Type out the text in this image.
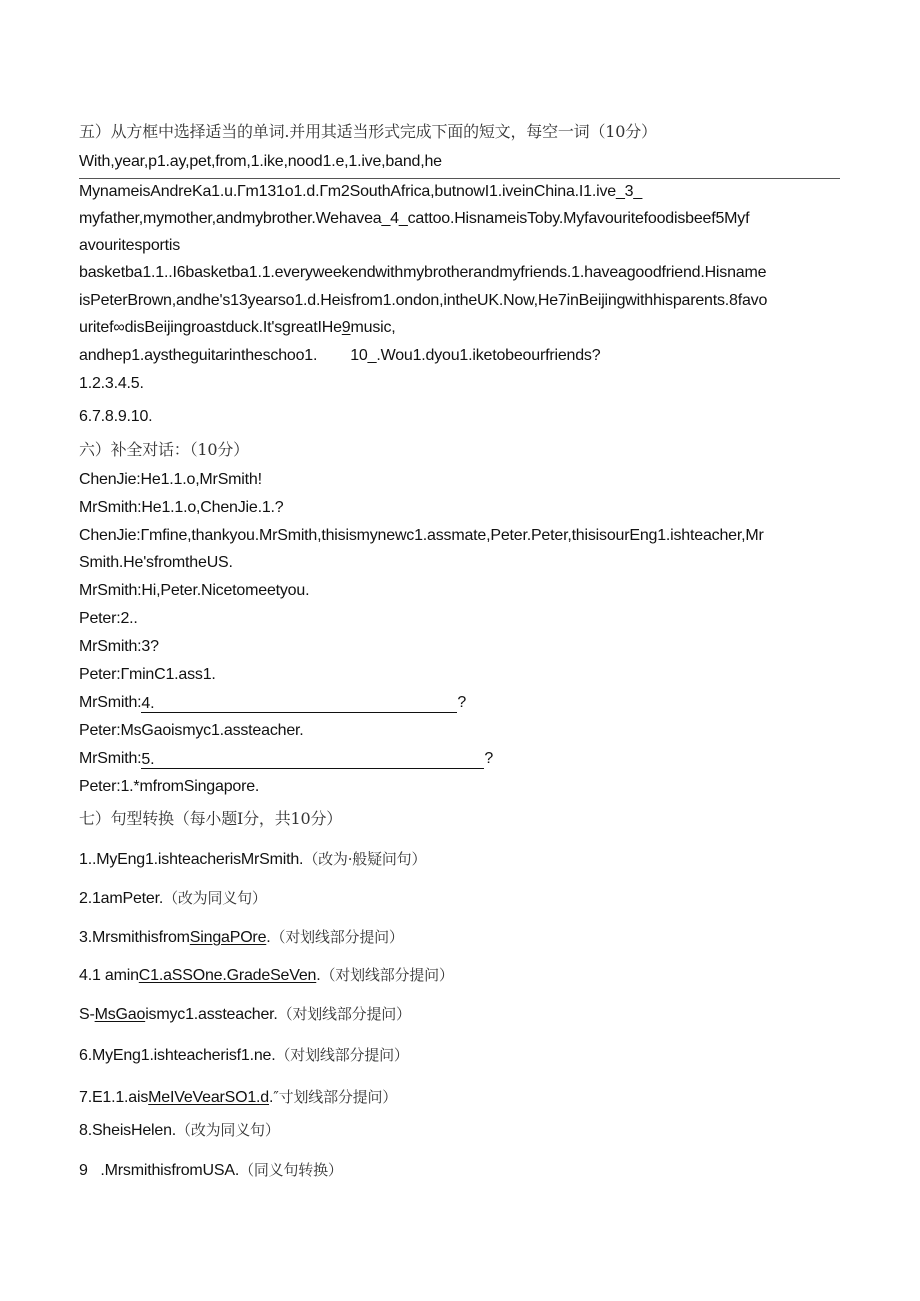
五）从方框中选择适当的单词.并用其适当形式完成下面的短文，每空一词（10分）
With,year,p1.ay,pet,from,1.ike,nood1.e,1.ive,band,he
MynameisAndreKa1.u.Гm131o1.d.Гm2SouthAfrica,butnowI1.iveinChina.I1.ive_3_
myfather,mymother,andmybrother.Wehavea_4_cattoo.HisnameisToby.Myfavouritefoodisbeef5Myf
avouritesportis
basketba1.1..I6basketba1.1.everyweekendwithmybrotherandmyfriends.1.haveagoodfriend.Hisname
isPeterBrown,andhe's13yearso1.d.Heisfrom1.ondon,intheUK.Now,He7inBeijingwithhisparents.8favo
uritef∞disBeijingroastduck.It'sgreatIHe9music,
andhep1.aystheguitarintheschoo1. 10_.Wou1.dyou1.iketobeourfriends?
1.2.3.4.5.
6.7.8.9.10.
六）补全对话：（10分）
ChenJie:He1.1.o,MrSmith!
MrSmith:He1.1.o,ChenJie.1.?
ChenJie:Гmfine,thankyou.MrSmith,thisismynewc1.assmate,Peter.Peter,thisisourEng1.ishteacher,Mr
Smith.He'sfromtheUS.
MrSmith:Hi,Peter.Nicetomeetyou.
Peter:2..
MrSmith:3?
Peter:ГminC1.ass1.
MrSmith:4.	?
Peter:MsGaoismyc1.assteacher.
MrSmith:5.	?
Peter:1.*mfromSingapore.
七）句型转换（每小题I分，共10分）
1..MyEng1.ishteacherisMrSmith.（改为·般疑问句）
2.1amPeter.（改为同义句）
3.MrsmithisfromSingaPOre.（对划线部分提问）
4.1 aminC1.aSSOne.GradeSeVen.（对划线部分提问）
S-MsGaoismyc1.assteacher.（对划线部分提问）
6.MyEng1.ishteacherisf1.ne.（对划线部分提问）
7.E1.1.aisMeIVeVearSO1.d.″寸划线部分提问）
8.SheisHelen.（改为同义句）
9   .MrsmithisfromUSA.（同义句转换）
